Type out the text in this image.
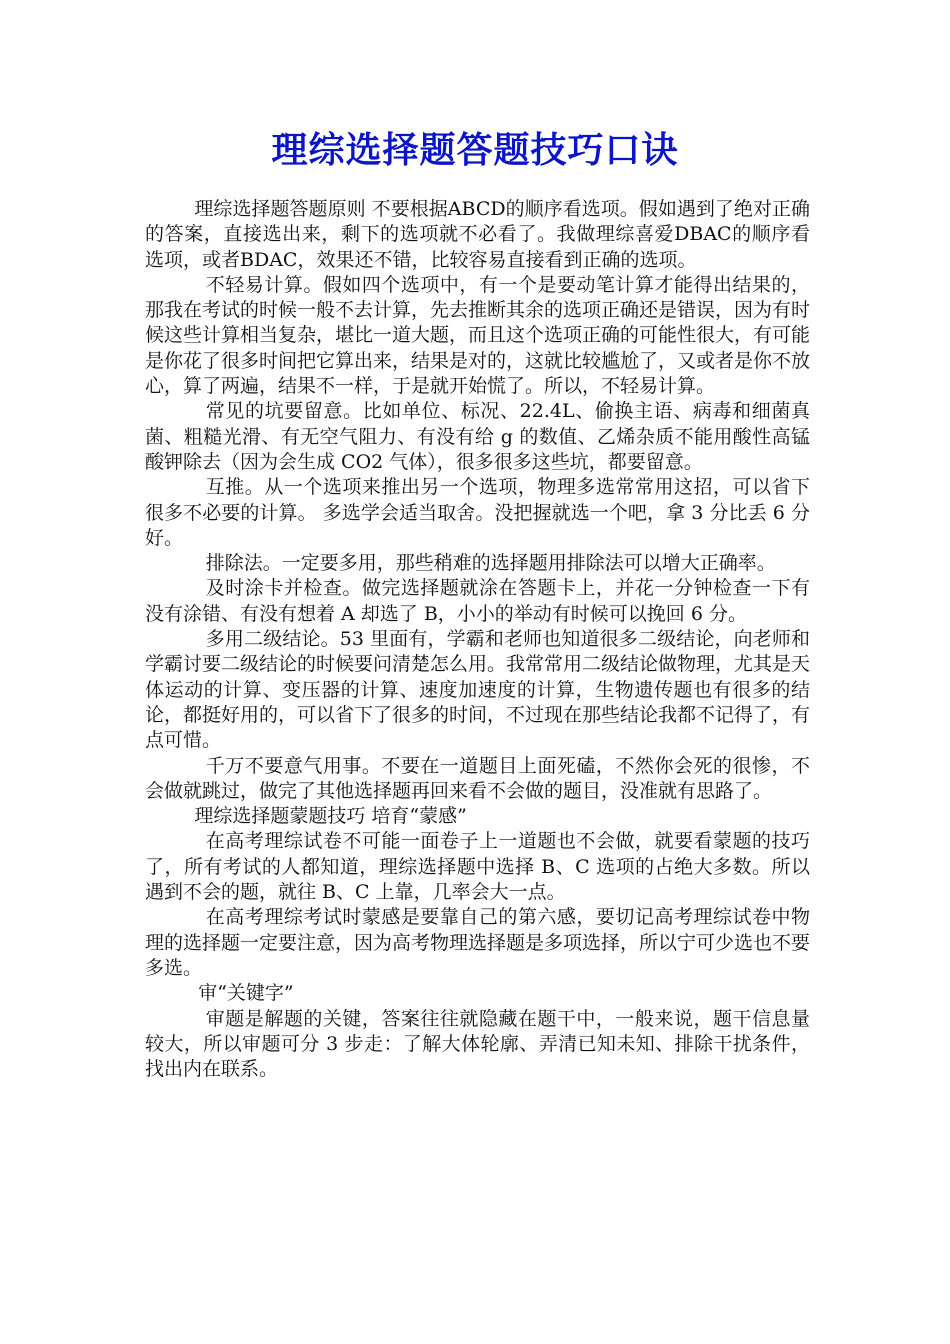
理综选择题答题技巧口诀

理综选择题答题原则 不要根据ABCD的顺序看选项。假如遇到了绝对正确的答案，直接选出来，剩下的选项就不必看了。我做理综喜爱DBAC的顺序看选项，或者BDAC，效果还不错，比较容易直接看到正确的选项。

不轻易计算。假如四个选项中，有一个是要动笔计算才能得出结果的，那我在考试的时候一般不去计算，先去推断其余的选项正确还是错误，因为有时候这些计算相当复杂，堪比一道大题，而且这个选项正确的可能性很大，有可能是你花了很多时间把它算出来，结果是对的，这就比较尴尬了，又或者是你不放心，算了两遍，结果不一样，于是就开始慌了。所以，不轻易计算。

常见的坑要留意。比如单位、标况、22.4L、偷换主语、病毒和细菌真菌、粗糙光滑、有无空气阻力、有没有给 g 的数值、乙烯杂质不能用酸性高锰酸钾除去（因为会生成 CO2 气体），很多很多这些坑，都要留意。

互推。从一个选项来推出另一个选项，物理多选常常用这招，可以省下很多不必要的计算。 多选学会适当取舍。没把握就选一个吧，拿 3 分比丢 6 分好。

排除法。一定要多用，那些稍难的选择题用排除法可以增大正确率。

及时涂卡并检查。做完选择题就涂在答题卡上，并花一分钟检查一下有没有涂错、有没有想着 A 却选了 B，小小的举动有时候可以挽回 6 分。

多用二级结论。53 里面有，学霸和老师也知道很多二级结论，向老师和学霸讨要二级结论的时候要问清楚怎么用。我常常用二级结论做物理，尤其是天体运动的计算、变压器的计算、速度加速度的计算，生物遗传题也有很多的结论，都挺好用的，可以省下了很多的时间，不过现在那些结论我都不记得了，有点可惜。

千万不要意气用事。不要在一道题目上面死磕，不然你会死的很惨，不会做就跳过，做完了其他选择题再回来看不会做的题目，没准就有思路了。

理综选择题蒙题技巧 培育“蒙感”

在高考理综试卷不可能一面卷子上一道题也不会做，就要看蒙题的技巧了，所有考试的人都知道，理综选择题中选择 B、C 选项的占绝大多数。所以遇到不会的题，就往 B、C 上靠，几率会大一点。

在高考理综考试时蒙感是要靠自己的第六感，要切记高考理综试卷中物理的选择题一定要注意，因为高考物理选择题是多项选择，所以宁可少选也不要多选。

审“关键字”

审题是解题的关键，答案往往就隐藏在题干中，一般来说，题干信息量较大，所以审题可分 3 步走：了解大体轮廓、弄清已知未知、排除干扰条件，找出内在联系。
